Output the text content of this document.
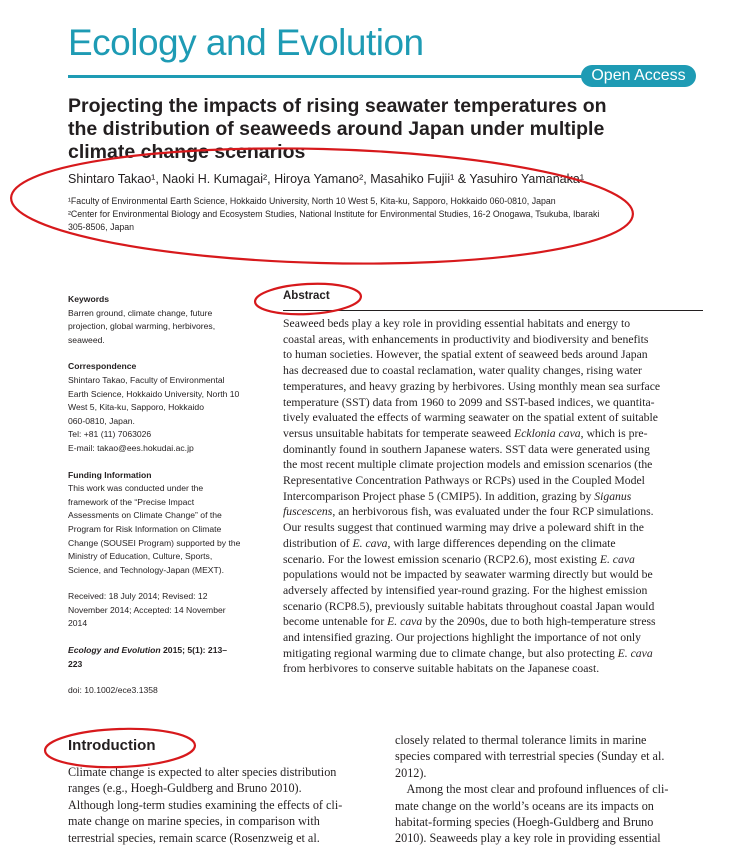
Ecology and Evolution
Open Access
Projecting the impacts of rising seawater temperatures on
the distribution of seaweeds around Japan under multiple
climate change scenarios
Shintaro Takao¹, Naoki H. Kumagai², Hiroya Yamano², Masahiko Fujii¹ & Yasuhiro Yamanaka¹
¹Faculty of Environmental Earth Science, Hokkaido University, North 10 West 5, Kita-ku, Sapporo, Hokkaido 060-0810, Japan
²Center for Environmental Biology and Ecosystem Studies, National Institute for Environmental Studies, 16-2 Onogawa, Tsukuba, Ibaraki
305-8506, Japan
Keywords
Barren ground, climate change, future
projection, global warming, herbivores,
seaweed.
Correspondence
Shintaro Takao, Faculty of Environmental
Earth Science, Hokkaido University, North 10
West 5, Kita-ku, Sapporo, Hokkaido
060-0810, Japan.
Tel: +81 (11) 7063026
E-mail: takao@ees.hokudai.ac.jp
Funding Information
This work was conducted under the
framework of the “Precise Impact
Assessments on Climate Change” of the
Program for Risk Information on Climate
Change (SOUSEI Program) supported by the
Ministry of Education, Culture, Sports,
Science, and Technology-Japan (MEXT).
Received: 18 July 2014; Revised: 12
November 2014; Accepted: 14 November
2014
Ecology and Evolution 2015; 5(1): 213–
223
doi: 10.1002/ece3.1358
Abstract
Seaweed beds play a key role in providing essential habitats and energy to
coastal areas, with enhancements in productivity and biodiversity and benefits
to human societies. However, the spatial extent of seaweed beds around Japan
has decreased due to coastal reclamation, water quality changes, rising water
temperatures, and heavy grazing by herbivores. Using monthly mean sea surface
temperature (SST) data from 1960 to 2099 and SST-based indices, we quantita-
tively evaluated the effects of warming seawater on the spatial extent of suitable
versus unsuitable habitats for temperate seaweed Ecklonia cava, which is pre-
dominantly found in southern Japanese waters. SST data were generated using
the most recent multiple climate projection models and emission scenarios (the
Representative Concentration Pathways or RCPs) used in the Coupled Model
Intercomparison Project phase 5 (CMIP5). In addition, grazing by Siganus
fuscescens, an herbivorous fish, was evaluated under the four RCP simulations.
Our results suggest that continued warming may drive a poleward shift in the
distribution of E. cava, with large differences depending on the climate
scenario. For the lowest emission scenario (RCP2.6), most existing E. cava
populations would not be impacted by seawater warming directly but would be
adversely affected by intensified year-round grazing. For the highest emission
scenario (RCP8.5), previously suitable habitats throughout coastal Japan would
become untenable for E. cava by the 2090s, due to both high-temperature stress
and intensified grazing. Our projections highlight the importance of not only
mitigating regional warming due to climate change, but also protecting E. cava
from herbivores to conserve suitable habitats on the Japanese coast.
Introduction
Climate change is expected to alter species distribution
ranges (e.g., Hoegh-Guldberg and Bruno 2010).
Although long-term studies examining the effects of cli-
mate change on marine species, in comparison with
terrestrial species, remain scarce (Rosenzweig et al.
closely related to thermal tolerance limits in marine
species compared with terrestrial species (Sunday et al.
2012).
Among the most clear and profound influences of cli-
mate change on the world’s oceans are its impacts on
habitat-forming species (Hoegh-Guldberg and Bruno
2010). Seaweeds play a key role in providing essential
